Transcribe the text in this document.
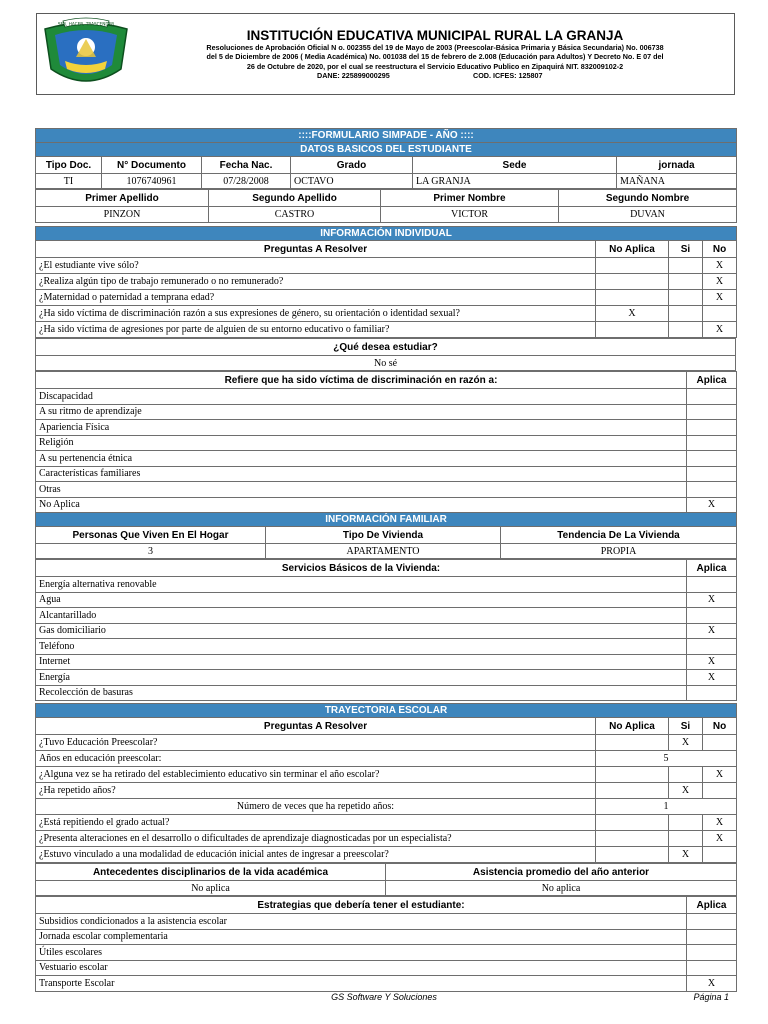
SER, HACER, TRASCENDER
INSTITUCIÓN EDUCATIVA MUNICIPAL RURAL LA GRANJA
Resoluciones de Aprobación Oficial N o. 002355 del 19 de Mayo de 2003 (Preescolar-Básica Primaria y Básica Secundaria) No. 006738
del 5 de Diciembre de 2006 ( Media Académica) No. 001038 del 15 de febrero de 2.008 (Educación para Adultos) Y Decreto No. E 07 del
26 de Octubre de 2020, por el cual se reestructura el Servicio Educativo Publico en Zipaquirá NIT. 832009102-2
DANE: 225899000295	COD. ICFES: 125807
::::FORMULARIO SIMPADE - AÑO ::::					
DATOS BASICOS DEL ESTUDIANTE					
Tipo Doc.	N° Documento	Fecha Nac.	Grado	Sede	jornada
TI	1076740961	07/28/2008	OCTAVO	LA GRANJA	MAÑANA
Primer Apellido	Segundo Apellido	Primer Nombre	Segundo Nombre
PINZON	CASTRO	VICTOR	DUVAN
INFORMACIÓN INDIVIDUAL			
Preguntas A Resolver	No Aplica	Si	No
¿El estudiante vive sólo?			X
¿Realiza algún tipo de trabajo remunerado o no remunerado?			X
¿Maternidad o paternidad a temprana edad?			X
¿Ha sido víctima de discriminación razón a sus expresiones de género, su orientación o identidad sexual?	X		
¿Ha sido víctima de agresiones por parte de alguien de su entorno educativo o familiar?			X
¿Qué desea estudiar?
No sé
Refiere que ha sido víctima de discriminación en razón a:	Aplica
Discapacidad	
A su ritmo de aprendizaje	
Apariencia Física	
Religión	
A su pertenencia étnica	
Características familiares	
Otras	
No Aplica	X
INFORMACIÓN FAMILIAR		
Personas Que Viven En El Hogar	Tipo De Vivienda	Tendencia De La Vivienda
3	APARTAMENTO	PROPIA
Servicios Básicos de la Vivienda:	Aplica
Energía alternativa renovable	
Agua	X
Alcantarillado	
Gas domiciliario	X
Teléfono	
Internet	X
Energía	X
Recolección de basuras	
TRAYECTORIA ESCOLAR			
Preguntas A Resolver	No Aplica	Si	No
¿Tuvo Educación Preescolar?		X	
Años en educación preescolar:	5		
¿Alguna vez se ha retirado del establecimiento educativo sin terminar el año escolar?			X
¿Ha repetido años?		X	
Número de veces que ha repetido años:	1		
¿Está repitiendo el grado actual?			X
¿Presenta alteraciones en el desarrollo o dificultades de aprendizaje diagnosticadas por un especialista?			X
¿Estuvo vinculado a una modalidad de educación inicial antes de ingresar a preescolar?		X	
Antecedentes disciplinarios de la vida académica	Asistencia promedio del año anterior
No aplica	No aplica
Estrategias que debería tener el estudiante:	Aplica
Subsidios condicionados a la asistencia escolar	
Jornada escolar complementaria	
Útiles escolares	
Vestuario escolar	
Transporte Escolar	X
GS Software Y Soluciones	Página 1
